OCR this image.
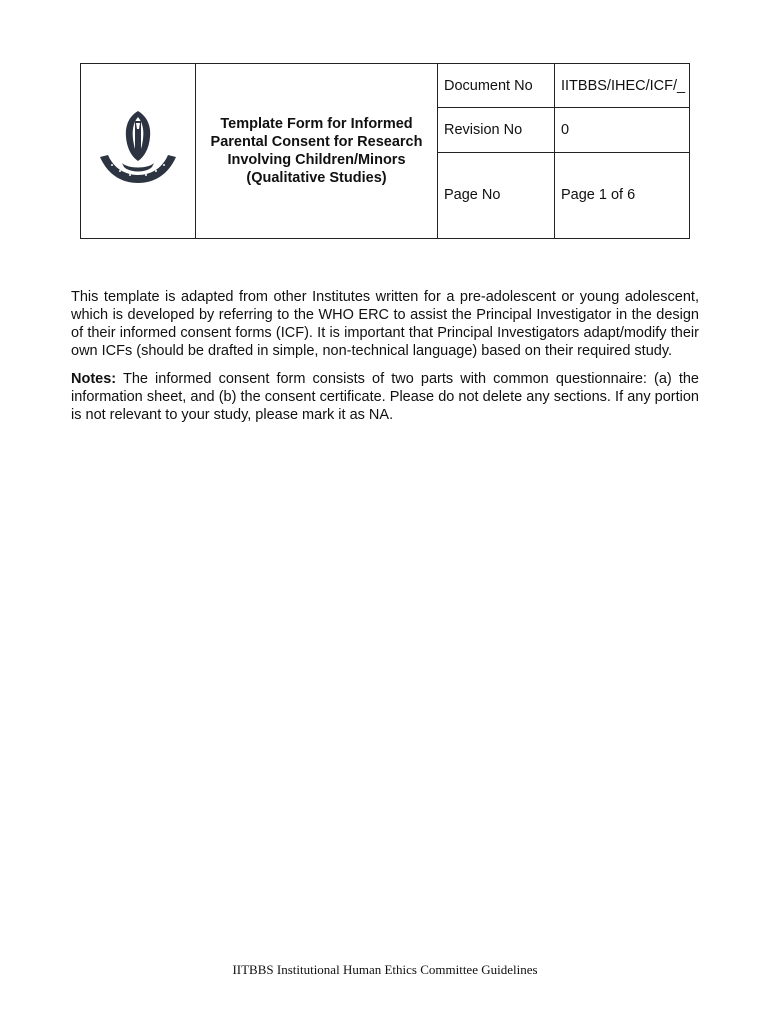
Template Form for Informed
Parental Consent for Research
Involving Children/Minors
(Qualitative Studies)	Document No	IITBBS/IHEC/ICF/_
		Revision No	0

		Page No	Page 1 of 6

This template is adapted from other Institutes written for a pre-adolescent or young adolescent, which is developed by referring to the WHO ERC to assist the Principal Investigator in the design of their informed consent forms (ICF). It is important that Principal Investigators adapt/modify their own ICFs (should be drafted in simple, non-technical language) based on their required study.

Notes: The informed consent form consists of two parts with common questionnaire: (a) the information sheet, and (b) the consent certificate. Please do not delete any sections. If any portion is not relevant to your study, please mark it as NA.

IITBBS Institutional Human Ethics Committee Guidelines
